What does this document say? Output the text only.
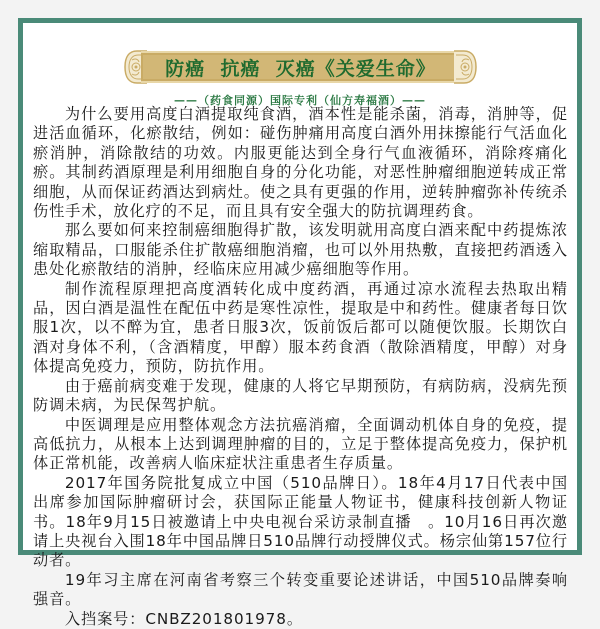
防癌  抗癌  灭癌《关爱生命》
——（药食同源）国际专利（仙方寿福酒）——

为什么要用高度白酒提取纯食酒，酒本性是能杀菌，消毒，消肿等，促进活血循环，化瘀散结，例如：碰伤肿痛用高度白酒外用抹擦能行气活血化瘀消肿，消除散结的功效。内服更能达到全身行气血液循环，消除疼痛化瘀。其制药酒原理是利用细胞自身的分化功能，对恶性肿瘤细胞逆转成正常细胞，从而保证药酒达到病灶。使之具有更强的作用，逆转肿瘤弥补传统杀伤性手术，放化疗的不足，而且具有安全强大的防抗调理药食。

那么要如何来控制癌细胞得扩散，该发明就用高度白酒来配中药提炼浓缩取精品，口服能杀住扩散癌细胞消瘤，也可以外用热敷，直接把药酒透入患处化瘀散结的消肿，经临床应用减少癌细胞等作用。

制作流程原理把高度酒转化成中度药酒，再通过凉水流程去热取出精品，因白酒是温性在配伍中药是寒性凉性，提取是中和药性。健康者每日饮服1次，以不醉为宜，患者日服3次，饭前饭后都可以随便饮服。长期饮白酒对身体不利，（含酒精度，甲醇）服本药食酒（散除酒精度，甲醇）对身体提高免疫力，预防，防抗作用。

由于癌前病变难于发现，健康的人将它早期预防，有病防病，没病先预防调未病，为民保驾护航。

中医调理是应用整体观念方法抗癌消瘤，全面调动机体自身的免疫，提高低抗力，从根本上达到调理肿瘤的目的，立足于整体提高免疫力，保护机体正常机能，改善病人临床症状注重患者生存质量。

2017年国务院批复成立中国（510品牌日）。18年4月17日代表中国出席参加国际肿瘤研讨会，获国际正能量人物证书，健康科技创新人物证书。18年9月15日被邀请上中央电视台采访录制直播　。10月16日再次邀请上央视台入围18年中国品牌日510品牌行动授牌仪式。杨宗仙第157位行动者。

19年习主席在河南省考察三个转变重要论述讲话，中国510品牌奏响强音。

入挡案号：CNBZ201801978。
